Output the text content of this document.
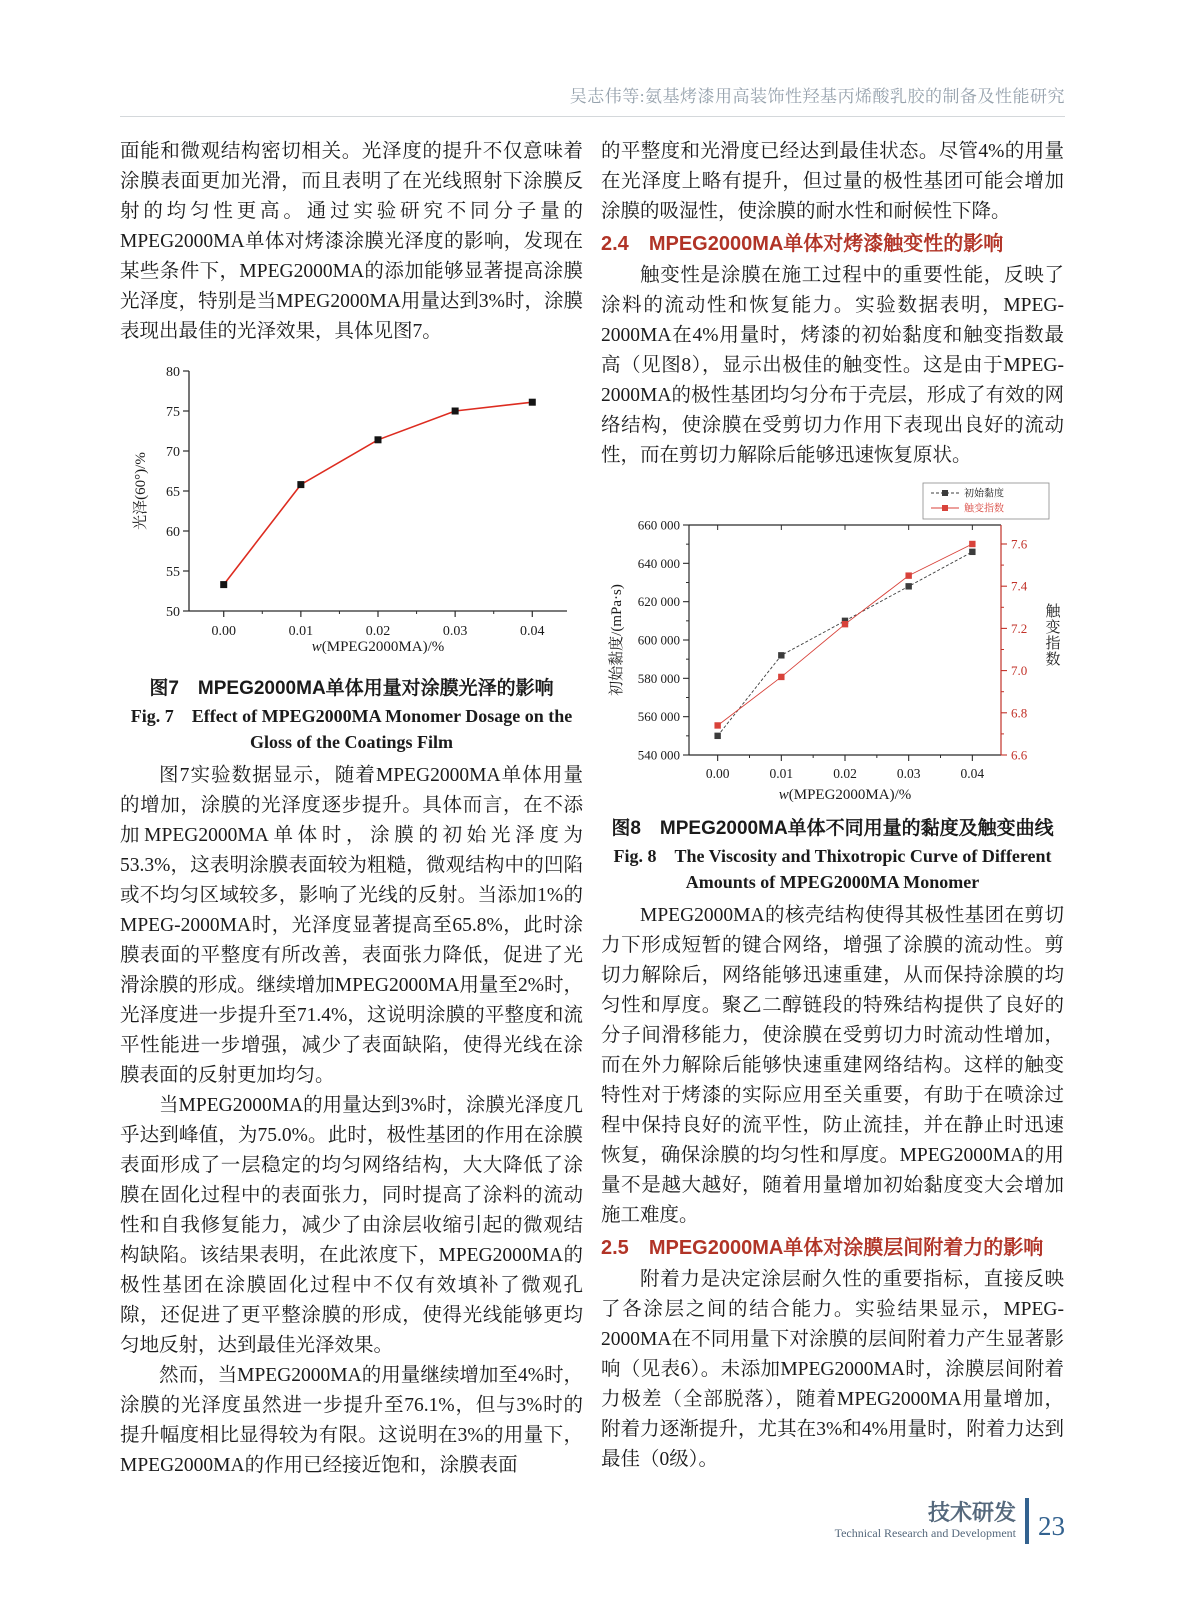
吴志伟等:氨基烤漆用高装饰性羟基丙烯酸乳胶的制备及性能研究

面能和微观结构密切相关。光泽度的提升不仅意味着涂膜表面更加光滑，而且表明了在光线照射下涂膜反射的均匀性更高。通过实验研究不同分子量的MPEG2000MA单体对烤漆涂膜光泽度的影响，发现在某些条件下，MPEG2000MA的添加能够显著提高涂膜光泽度，特别是当MPEG2000MA用量达到3%时，涂膜表现出最佳的光泽效果，具体见图7。

50
55
60
65
70
75
80
0.00	0.01	0.02	0.03	0.04
光泽(60°)/%
w(MPEG2000MA)/%
图7　MPEG2000MA单体用量对涂膜光泽的影响
Fig. 7　Effect of MPEG2000MA Monomer Dosage on the Gloss of the Coatings Film

图7实验数据显示，随着MPEG2000MA单体用量的增加，涂膜的光泽度逐步提升。具体而言，在不添加MPEG2000MA单体时，涂膜的初始光泽度为53.3%，这表明涂膜表面较为粗糙，微观结构中的凹陷或不均匀区域较多，影响了光线的反射。当添加1%的MPEG-2000MA时，光泽度显著提高至65.8%，此时涂膜表面的平整度有所改善，表面张力降低，促进了光滑涂膜的形成。继续增加MPEG2000MA用量至2%时，光泽度进一步提升至71.4%，这说明涂膜的平整度和流平性能进一步增强，减少了表面缺陷，使得光线在涂膜表面的反射更加均匀。

当MPEG2000MA的用量达到3%时，涂膜光泽度几乎达到峰值，为75.0%。此时，极性基团的作用在涂膜表面形成了一层稳定的均匀网络结构，大大降低了涂膜在固化过程中的表面张力，同时提高了涂料的流动性和自我修复能力，减少了由涂层收缩引起的微观结构缺陷。该结果表明，在此浓度下，MPEG2000MA的极性基团在涂膜固化过程中不仅有效填补了微观孔隙，还促进了更平整涂膜的形成，使得光线能够更均匀地反射，达到最佳光泽效果。

然而，当MPEG2000MA的用量继续增加至4%时，涂膜的光泽度虽然进一步提升至76.1%，但与3%时的提升幅度相比显得较为有限。这说明在3%的用量下，MPEG2000MA的作用已经接近饱和，涂膜表面

的平整度和光滑度已经达到最佳状态。尽管4%的用量在光泽度上略有提升，但过量的极性基团可能会增加涂膜的吸湿性，使涂膜的耐水性和耐候性下降。

2.4 MPEG2000MA单体对烤漆触变性的影响

触变性是涂膜在施工过程中的重要性能，反映了涂料的流动性和恢复能力。实验数据表明，MPEG-2000MA在4%用量时，烤漆的初始黏度和触变指数最高（见图8），显示出极佳的触变性。这是由于MPEG-2000MA的极性基团均匀分布于壳层，形成了有效的网络结构，使涂膜在受剪切力作用下表现出良好的流动性，而在剪切力解除后能够迅速恢复原状。

540 000
560 000
580 000
600 000
620 000
640 000
660 000
6.6
6.8
7.0
7.2
7.4
7.6
0.00	0.01	0.02	0.03	0.04
初始黏度
触变指数
初始黏度/(mPa·s)	触变指数
w(MPEG2000MA)/%
图8　MPEG2000MA单体不同用量的黏度及触变曲线
Fig. 8　The Viscosity and Thixotropic Curve of Different Amounts of MPEG2000MA Monomer

MPEG2000MA的核壳结构使得其极性基团在剪切力下形成短暂的键合网络，增强了涂膜的流动性。剪切力解除后，网络能够迅速重建，从而保持涂膜的均匀性和厚度。聚乙二醇链段的特殊结构提供了良好的分子间滑移能力，使涂膜在受剪切力时流动性增加，而在外力解除后能够快速重建网络结构。这样的触变特性对于烤漆的实际应用至关重要，有助于在喷涂过程中保持良好的流平性，防止流挂，并在静止时迅速恢复，确保涂膜的均匀性和厚度。MPEG2000MA的用量不是越大越好，随着用量增加初始黏度变大会增加施工难度。

2.5 MPEG2000MA单体对涂膜层间附着力的影响

附着力是决定涂层耐久性的重要指标，直接反映了各涂层之间的结合能力。实验结果显示，MPEG-2000MA在不同用量下对涂膜的层间附着力产生显著影响（见表6）。未添加MPEG2000MA时，涂膜层间附着力极差（全部脱落），随着MPEG2000MA用量增加，附着力逐渐提升，尤其在3%和4%用量时，附着力达到最佳（0级）。

技术研发
Technical Research and Development 23
